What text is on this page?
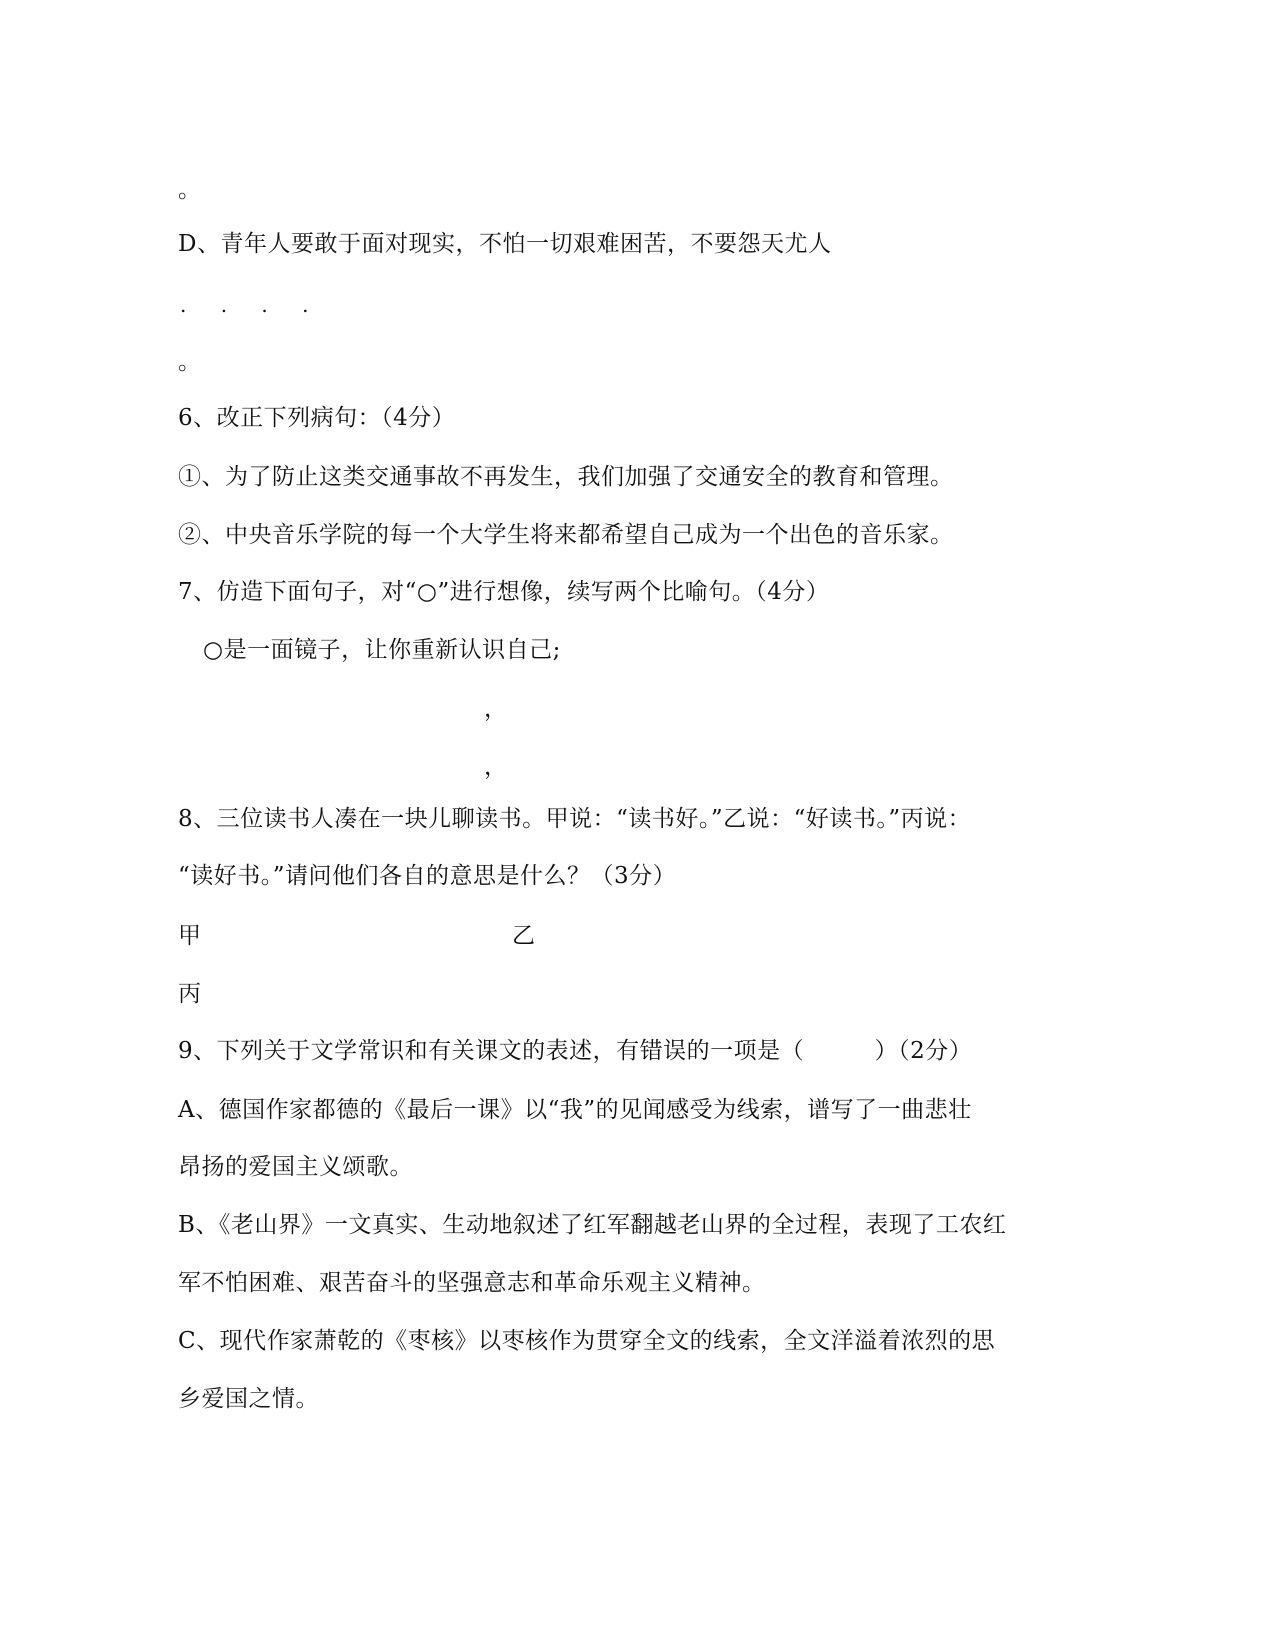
。
D、青年人要敢于面对现实，不怕一切艰难困苦，不要怨天尤人
. . . .
。
6、改正下列病句：（4分）
①、为了防止这类交通事故不再发生，我们加强了交通安全的教育和管理。
②、中央音乐学院的每一个大学生将来都希望自己成为一个出色的音乐家。
7、仿造下面句子，对“○”进行想像，续写两个比喻句。（4分）
○是一面镜子，让你重新认识自己;
，
，
8、三位读书人凑在一块儿聊读书。甲说：“读书好。”乙说：“好读书。”丙说：
“读好书。”请问他们各自的意思是什么？（3分）
甲	乙
丙
9、下列关于文学常识和有关课文的表述，有错误的一项是（　　　）（2分）
A、德国作家都德的《最后一课》以“我”的见闻感受为线索，谱写了一曲悲壮
昂扬的爱国主义颂歌。
B、《老山界》一文真实、生动地叙述了红军翻越老山界的全过程，表现了工农红
军不怕困难、艰苦奋斗的坚强意志和革命乐观主义精神。
C、现代作家萧乾的《枣核》以枣核作为贯穿全文的线索，全文洋溢着浓烈的思
乡爱国之情。
